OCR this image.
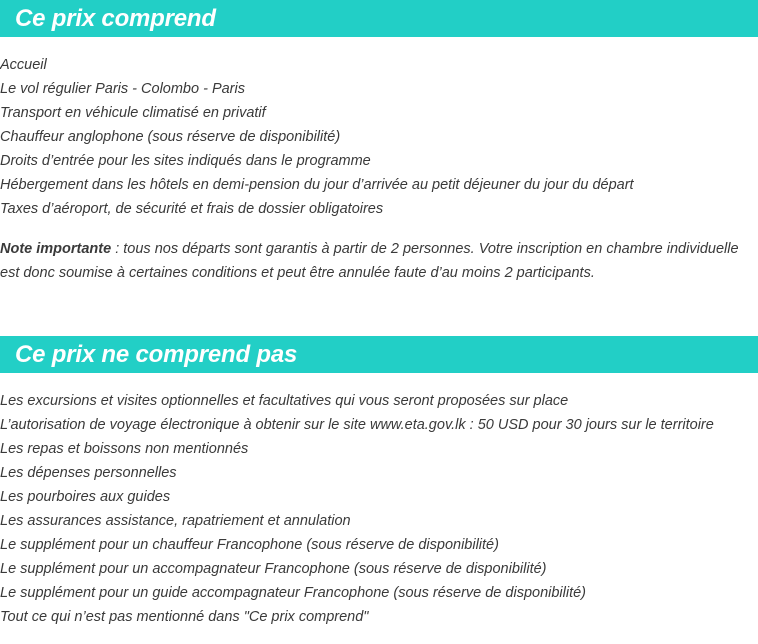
Ce prix comprend
Accueil
Le vol régulier Paris - Colombo - Paris
Transport en véhicule climatisé en privatif
Chauffeur anglophone (sous réserve de disponibilité)
Droits d’entrée pour les sites indiqués dans le programme
Hébergement dans les hôtels en demi-pension du jour d’arrivée au petit déjeuner du jour du départ
Taxes d’aéroport, de sécurité et frais de dossier obligatoires

Note importante : tous nos départs sont garantis à partir de 2 personnes. Votre inscription en chambre individuelle est donc soumise à certaines conditions et peut être annulée faute d’au moins 2 participants.

Ce prix ne comprend pas
Les excursions et visites optionnelles et facultatives qui vous seront proposées sur place
L’autorisation de voyage électronique à obtenir sur le site www.eta.gov.lk : 50 USD pour 30 jours sur le territoire
Les repas et boissons non mentionnés
Les dépenses personnelles
Les pourboires aux guides
Les assurances assistance, rapatriement et annulation
Le supplément pour un chauffeur Francophone (sous réserve de disponibilité)
Le supplément pour un accompagnateur Francophone (sous réserve de disponibilité)
Le supplément pour un guide accompagnateur Francophone (sous réserve de disponibilité)
Tout ce qui n’est pas mentionné dans "Ce prix comprend"
